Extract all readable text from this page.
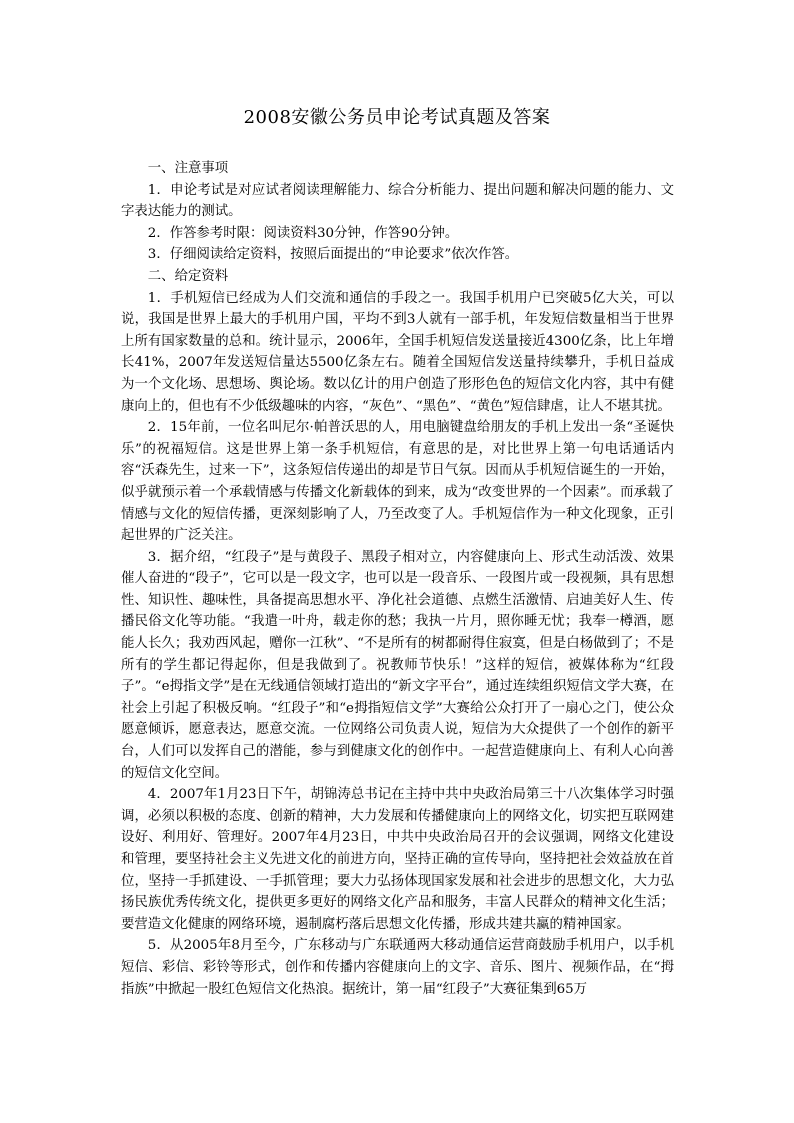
2008安徽公务员申论考试真题及答案

一、注意事项

1．申论考试是对应试者阅读理解能力、综合分析能力、提出问题和解决问题的能力、文字表达能力的测试。

2．作答参考时限：阅读资料30分钟，作答90分钟。

3．仔细阅读给定资料，按照后面提出的“申论要求”依次作答。

二、给定资料

1．手机短信已经成为人们交流和通信的手段之一。我国手机用户已突破5亿大关，可以说，我国是世界上最大的手机用户国，平均不到3人就有一部手机，年发短信数量相当于世界上所有国家数量的总和。统计显示，2006年，全国手机短信发送量接近4300亿条，比上年增长41%，2007年发送短信量达5500亿条左右。随着全国短信发送量持续攀升，手机日益成为一个文化场、思想场、舆论场。数以亿计的用户创造了形形色色的短信文化内容，其中有健康向上的，但也有不少低级趣味的内容，“灰色”、“黑色”、“黄色”短信肆虐，让人不堪其扰。

2．15年前，一位名叫尼尔·帕普沃思的人，用电脑键盘给朋友的手机上发出一条“圣诞快乐”的祝福短信。这是世界上第一条手机短信，有意思的是，对比世界上第一句电话通话内容“沃森先生，过来一下”，这条短信传递出的却是节日气氛。因而从手机短信诞生的一开始，似乎就预示着一个承载情感与传播文化新载体的到来，成为“改变世界的一个因素”。而承载了情感与文化的短信传播，更深刻影响了人，乃至改变了人。手机短信作为一种文化现象，正引起世界的广泛关注。

3．据介绍，“红段子”是与黄段子、黑段子相对立，内容健康向上、形式生动活泼、效果催人奋进的“段子”，它可以是一段文字，也可以是一段音乐、一段图片或一段视频，具有思想性、知识性、趣味性，具备提高思想水平、净化社会道德、点燃生活激情、启迪美好人生、传播民俗文化等功能。“我遣一叶舟，载走你的愁；我执一片月，照你睡无忧；我奉一樽酒，愿能人长久；我劝西风起，赠你一江秋”、“不是所有的树都耐得住寂寞，但是白杨做到了；不是所有的学生都记得起你，但是我做到了。祝教师节快乐！”这样的短信，被媒体称为“红段子”。“e拇指文学”是在无线通信领域打造出的“新文字平台”，通过连续组织短信文学大赛，在社会上引起了积极反响。“红段子”和“e拇指短信文学”大赛给公众打开了一扇心之门，使公众愿意倾诉，愿意表达，愿意交流。一位网络公司负责人说，短信为大众提供了一个创作的新平台，人们可以发挥自己的潜能，参与到健康文化的创作中。一起营造健康向上、有利人心向善的短信文化空间。

4．2007年1月23日下午，胡锦涛总书记在主持中共中央政治局第三十八次集体学习时强调，必须以积极的态度、创新的精神，大力发展和传播健康向上的网络文化，切实把互联网建设好、利用好、管理好。2007年4月23日，中共中央政治局召开的会议强调，网络文化建设和管理，要坚持社会主义先进文化的前进方向，坚持正确的宣传导向，坚持把社会效益放在首位，坚持一手抓建设、一手抓管理；要大力弘扬体现国家发展和社会进步的思想文化，大力弘扬民族优秀传统文化，提供更多更好的网络文化产品和服务，丰富人民群众的精神文化生活；要营造文化健康的网络环境，遏制腐朽落后思想文化传播，形成共建共赢的精神国家。

5．从2005年8月至今，广东移动与广东联通两大移动通信运营商鼓励手机用户，以手机短信、彩信、彩铃等形式，创作和传播内容健康向上的文字、音乐、图片、视频作品，在“拇指族”中掀起一股红色短信文化热浪。据统计，第一届“红段子”大赛征集到65万
